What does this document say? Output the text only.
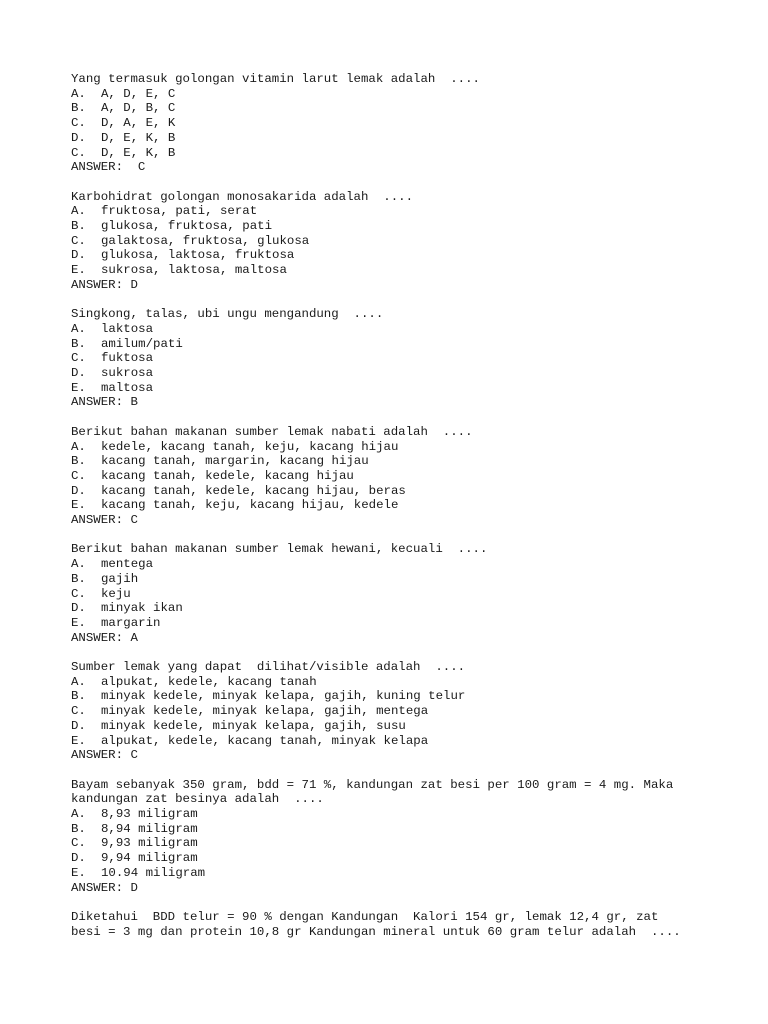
Yang termasuk golongan vitamin larut lemak adalah  ....
A.	A, D, E, C
B.	A, D, B, C
C.	D, A, E, K
D.	D, E, K, B
C.	D, E, K, B
ANSWER:  C
Karbohidrat golongan monosakarida adalah  ....
A.	fruktosa, pati, serat
B.	glukosa, fruktosa, pati
C.	galaktosa, fruktosa, glukosa
D.	glukosa, laktosa, fruktosa
E.	sukrosa, laktosa, maltosa
ANSWER: D
Singkong, talas, ubi ungu mengandung  ....
A.	laktosa
B.	amilum/pati
C.	fuktosa
D.	sukrosa
E.	maltosa
ANSWER: B
Berikut bahan makanan sumber lemak nabati adalah  ....
A.	kedele, kacang tanah, keju, kacang hijau
B.	kacang tanah, margarin, kacang hijau
C.	kacang tanah, kedele, kacang hijau
D.	kacang tanah, kedele, kacang hijau, beras
E.	kacang tanah, keju, kacang hijau, kedele
ANSWER: C
Berikut bahan makanan sumber lemak hewani, kecuali  ....
A.	mentega
B.	gajih
C.	keju
D.	minyak ikan
E.	margarin
ANSWER: A
Sumber lemak yang dapat  dilihat/visible adalah  ....
A.	alpukat, kedele, kacang tanah
B.	minyak kedele, minyak kelapa, gajih, kuning telur
C.	minyak kedele, minyak kelapa, gajih, mentega
D.	minyak kedele, minyak kelapa, gajih, susu
E.	alpukat, kedele, kacang tanah, minyak kelapa
ANSWER: C
Bayam sebanyak 350 gram, bdd = 71 %, kandungan zat besi per 100 gram = 4 mg. Maka
kandungan zat besinya adalah  ....
A.	8,93 miligram
B.	8,94 miligram
C.	9,93 miligram
D.	9,94 miligram
E.	10.94 miligram
ANSWER: D
Diketahui  BDD telur = 90 % dengan Kandungan  Kalori 154 gr, lemak 12,4 gr, zat
besi = 3 mg dan protein 10,8 gr Kandungan mineral untuk 60 gram telur adalah  ....
